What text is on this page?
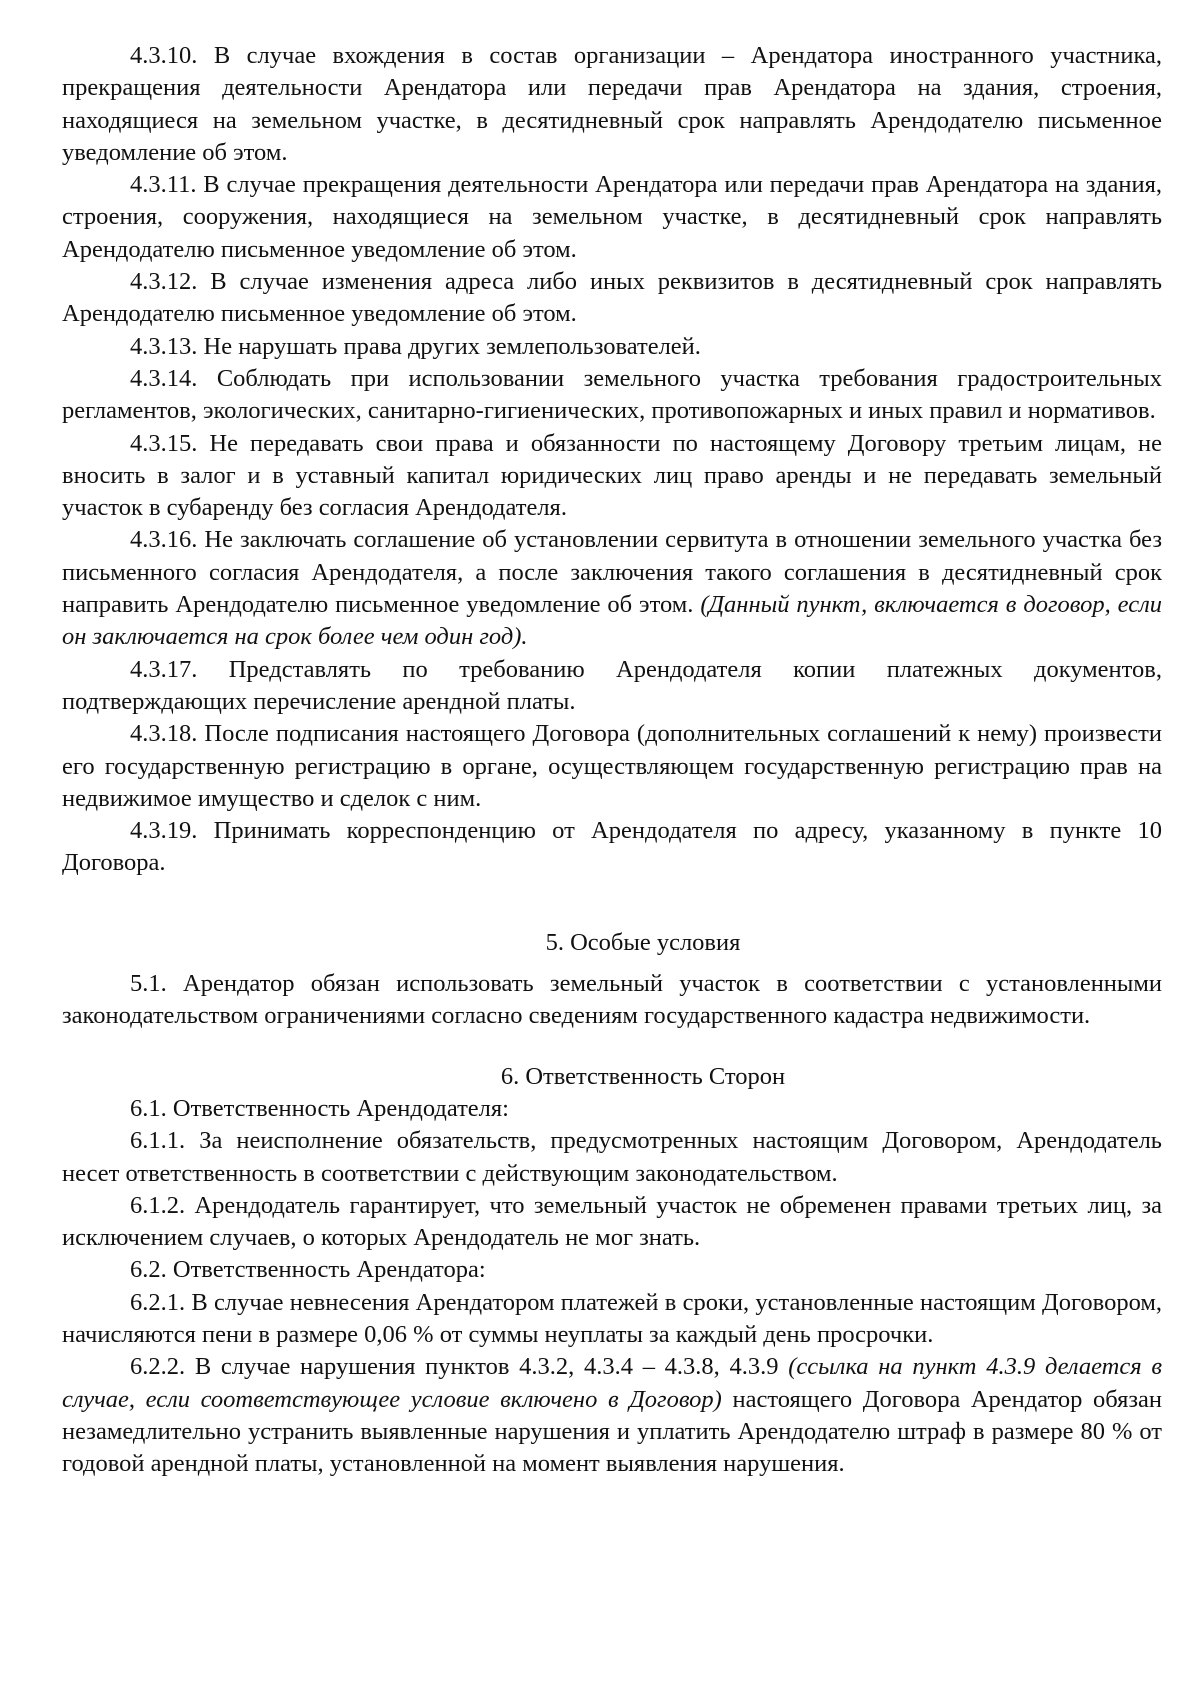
4.3.10. В случае вхождения в состав организации – Арендатора иностранного участника, прекращения деятельности Арендатора или передачи прав Арендатора на здания, строения, находящиеся на земельном участке, в десятидневный срок направлять Арендодателю письменное уведомление об этом.

4.3.11. В случае прекращения деятельности Арендатора или передачи прав Арендатора на здания, строения, сооружения, находящиеся на земельном участке, в десятидневный срок направлять Арендодателю письменное уведомление об этом.

4.3.12. В случае изменения адреса либо иных реквизитов в десятидневный срок направлять Арендодателю письменное уведомление об этом.

4.3.13. Не нарушать права других землепользователей.

4.3.14. Соблюдать при использовании земельного участка требования градостроительных регламентов, экологических, санитарно-гигиенических, противопожарных и иных правил и нормативов.

4.3.15. Не передавать свои права и обязанности по настоящему Договору третьим лицам, не вносить в залог и в уставный капитал юридических лиц право аренды и не передавать земельный участок в субаренду без согласия Арендодателя.

4.3.16. Не заключать соглашение об установлении сервитута в отношении земельного участка без письменного согласия Арендодателя, а после заключения такого соглашения в десятидневный срок направить Арендодателю письменное уведомление об этом. (Данный пункт, включается в договор, если он заключается на срок более чем один год).

4.3.17. Представлять по требованию Арендодателя копии платежных документов, подтверждающих перечисление арендной платы.

4.3.18. После подписания настоящего Договора (дополнительных соглашений к нему) произвести его государственную регистрацию в органе, осуществляющем государственную регистрацию прав на недвижимое имущество и сделок с ним.

4.3.19. Принимать корреспонденцию от Арендодателя по адресу, указанному в пункте 10 Договора.

5. Особые условия

5.1. Арендатор обязан использовать земельный участок в соответствии с установленными законодательством ограничениями согласно сведениям государственного кадастра недвижимости.

6. Ответственность Сторон

6.1. Ответственность Арендодателя:

6.1.1. За неисполнение обязательств, предусмотренных настоящим Договором, Арендодатель несет ответственность в соответствии с действующим законодательством.

6.1.2. Арендодатель гарантирует, что земельный участок не обременен правами третьих лиц, за исключением случаев, о которых Арендодатель не мог знать.

6.2. Ответственность Арендатора:

6.2.1. В случае невнесения Арендатором платежей в сроки, установленные настоящим Договором, начисляются пени в размере 0,06 % от суммы неуплаты за каждый день просрочки.

6.2.2. В случае нарушения пунктов 4.3.2, 4.3.4 – 4.3.8, 4.3.9 (ссылка на пункт 4.3.9 делается в случае, если соответствующее условие включено в Договор) настоящего Договора Арендатор обязан незамедлительно устранить выявленные нарушения и уплатить Арендодателю штраф в размере 80 % от годовой арендной платы, установленной на момент выявления нарушения.
